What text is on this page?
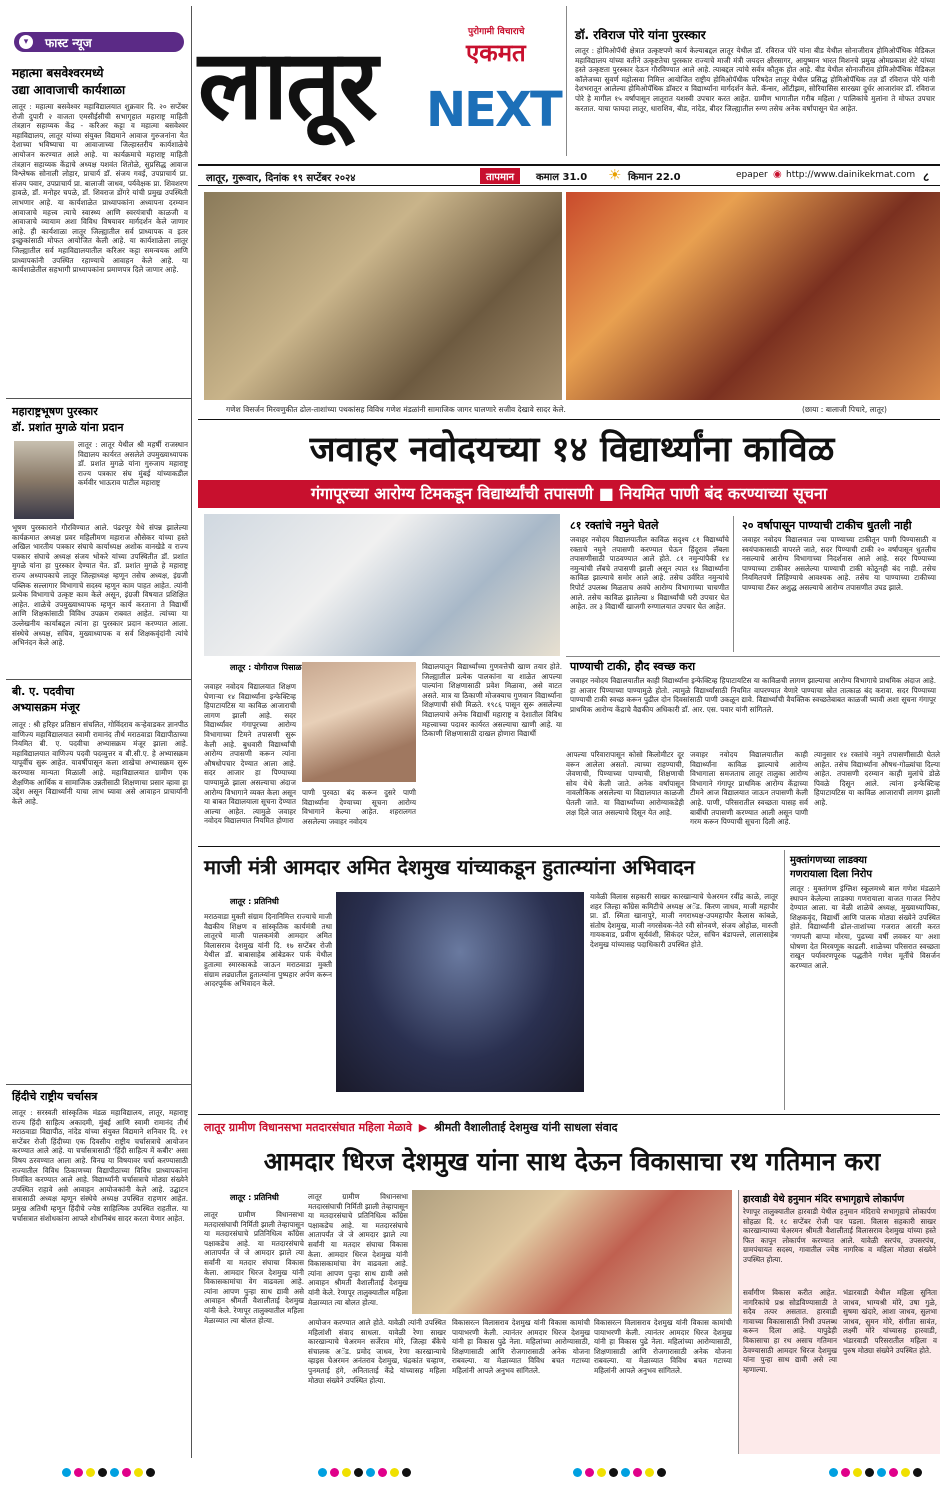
▾	फास्ट न्यूज
महात्मा बसवेश्वरमध्ये
उद्या आवाजाची कार्यशाळा
लातूर : महात्मा बसवेश्वर महाविद्यालयात शुक्रवार दि. २० सप्टेंबर रोजी दुपारी २ वाजता एमसीईसीची सभागृहात महाराष्ट्र माहिती तंत्रज्ञान सहाय्यक केंद्र - करिअर कट्टा व महात्मा बसवेश्वर महाविद्यालय, लातूर यांच्या संयुक्त विद्यमाने आवाज गुरुजनांना येत देशाच्या भविष्याचा या आवाजाच्या जिल्हास्तरीय कार्यशाळेचे आयोजन करण्यात आले आहे. या कार्यक्रमाचे महाराष्ट्र माहिती तंत्रज्ञान सहाय्यक केंद्राचे अध्यक्ष यशवंत शितोळे, सुप्रसिद्ध आवाज विश्लेषक सोनाली लोहार, प्राचार्य डॉ. संजय गवई, उपप्राचार्य प्रा. संजय पवार, उपप्राचार्य प्रा. बालाजी जाधव, पर्यवेक्षक प्रा. शिवशरण हावळे, डॉ. मनोहर चपळे, डॉ. शिवराज डोंगरे यांची प्रमुख उपस्थिती लाभणार आहे. या कार्यशाळेत प्राध्यापकांना अध्यापना दरम्यान आवाजाचे महत्त्व त्याचे स्वास्थ्य आणि स्वरयंत्राची काळजी व आवाजाचे व्यायाम अशा विविध विषयावर मार्गदर्शन केले जाणार आहे. ही कार्यशाळा लातूर जिल्ह्यातील सर्व प्राध्यापक व इतर इच्छुकांसाठी मोफत आयोजित केली आहे. या कार्यशाळेला लातूर जिल्ह्यातील सर्व महाविद्यालयातील करिअर कट्टा समन्वयक आणि प्राध्यापकांनी उपस्थित रहाण्याचे आवाहन केले आहे. या कार्यशाळेतील सहभागी प्राध्यापकांना प्रमाणपत्र दिले जाणार आहे.
महाराष्ट्रभूषण पुरस्कार
डॉ. प्रशांत मुगळे यांना प्रदान
लातूर : लातूर येथील श्री महर्षी राजस्थान विद्यालय कार्यरत असलेले उपमुख्याध्यापक डॉ. प्रशांत मुगळे यांना गुरुजाय महाराष्ट्र राज्य पत्रकार संघ मुंबई यांच्याकडील कर्मवीर भाऊराव पाटील महाराष्ट्र
भूषण पुरस्काराने गौरविण्यात आले. पंढरपूर येथे संपन्न झालेल्या कार्यक्रमात अध्यक्ष प्रवर महिलीमण महाराज औसेकर यांच्या हस्ते अखिल भारतीय पत्रकार संघाचे कार्याध्यक्ष अशोक वानखेडे व राज्य पत्रकार संघाचे अध्यक्ष संजय भोकरे यांच्या उपस्थितीत डॉ. प्रशांत मुगळे यांना हा पुरस्कार देण्यात येत. डॉ. प्रशांत मुगळे हे महाराष्ट्र राज्य अध्यापकाचे लातूर जिल्हाध्यक्ष म्हणून तसेच अध्यक्ष, इंग्रजी पब्लिक सल्लागार विभागाचे सदस्य म्हणून काम पाहत आहेत. त्यांनी प्रत्येक विभागाचे उत्कृष्ट काम केले असून, इंग्रजी विषयात प्रशिक्षित आहेत. शाळेचे उपमुख्याध्यापक म्हणून कार्य करताना ते विद्यार्थी आणि शिक्षकांसाठी विविध उपक्रम राबवत आहेत. त्यांच्या या उल्लेखनीय कार्याबद्दल त्यांना हा पुरस्कार प्रदान करण्यात आला. संस्थेचे अध्यक्ष, सचिव, मुख्याध्यापक व सर्व शिक्षकवृंदांनी त्यांचे अभिनंदन केले आहे.
बी. ए. पदवीचा
अभ्यासक्रम मंजूर
लातूर : श्री हरिहर प्रतिष्ठान संचलित, गोविंदराव कऱ्हेवाडकर ज्ञानपीठ वाणिज्य महाविद्यालयात स्वामी रामानंद तीर्थ मराठवाडा विद्यापीठाच्या नियमित बी. ए. पदवीचा अभ्यासक्रम मंजूर झाला आहे. महाविद्यालयात वाणिज्य पदवी पदव्युत्तर व बी.सी.ए. हे अभ्यासक्रम यापूर्वीच सुरू आहेत. यावर्षीपासून कला शाखेचा अभ्यासक्रम सुरू करण्यास मान्यता मिळाली आहे. महाविद्यालयात ग्रामीण एक शैक्षणिक आर्थिक व सामाजिक उन्नतीसाठी शिक्षणाचा प्रसार व्हावा हा उद्देश असून विद्यार्थ्यांनी याचा लाभ घ्यावा असे आवाहन प्राचार्यांनी केले आहे.
हिंदीचे राष्ट्रीय चर्चासत्र
लातूर : सरस्वती सांस्कृतिक मंडळ महाविद्यालय, लातूर, महाराष्ट्र राज्य हिंदी साहित्य अकादमी, मुंबई आणि स्वामी रामानंद तीर्थ मराठवाडा विद्यापीठ, नांदेड यांच्या संयुक्त विद्यमाने शनिवार दि. २१ सप्टेंबर रोजी हिंदीच्या एक दिवसीय राष्ट्रीय चर्चासत्राचे आयोजन करण्यात आले आहे. या चर्चासत्रासाठी 'हिंदी साहित्य में कबीर' असा विषय ठरवण्यात आला आहे. विनम्र या विषयावर चर्चा करण्यासाठी राज्यातील विविध ठिकाणच्या विद्यापीठाच्या विविध प्राध्यापकांना निमंत्रित करण्यात आले आहे. विद्यार्थ्यांनी चर्चासत्राचे मोठ्या संख्येने उपस्थित राहावे असे आवाहन आयोजकांनी केले आहे. उद्घाटन सत्रासाठी अध्यक्ष म्हणून संस्थेचे अध्यक्ष उपस्थित राहणार आहेत. प्रमुख अतिथी म्हणून हिंदीचे ज्येष्ठ साहित्यिक उपस्थित राहतील. या चर्चासत्रात संशोधकांना आपले शोधनिबंध सादर करता येणार आहेत.
पुरोगामी विचाराचे
एकमत
लातूर NEXT
डॉ. रविराज पोरे यांना पुरस्कार
लातूर : होमिओपॅथी क्षेत्रात उत्कृष्टपणे कार्य केल्याबद्दल लातूर येथील डॉ. रविराज पोरे यांना बीड येथील सोनाजीराव होमिओपॅथिक मेडिकल महाविद्यालय यांच्या वतीने उत्कृष्टतेचा पुरस्कार राज्याचे माजी मंत्री जयदत्त क्षीरसागर, आयुष्मान भारत मिशनचे प्रमुख ओमप्रकाश शेटे यांच्या हस्ते उत्कृष्टता पुरस्कार देऊन गौरविण्यात आले आहे. त्याबद्दल त्यांचे सर्वत्र कौतुक होत आहे. बीड येथील सोनाजीराव होमिओपॅथिक मेडिकल कॉलेजच्या सुवर्ण महोत्सवा निमित्त आयोजित राष्ट्रीय होमिओपॅथीक परिषदेत लातूर येथील प्रसिद्ध होमिओपॅथिक तज्ञ डॉ रविराज पोरे यांनी देशभरातून आलेल्या होमिओपॅथिक डॉक्टर व विद्यार्थ्यांना मार्गदर्शन केले. कॅन्सर, ऑटीझम, सोरियासिस सारख्या दुर्धर आजारांवर डॉ. रविराज पोरे हे मागील १५ वर्षांपासून लातूरात यशस्वी उपचार करत आहेत. ग्रामीण भागातील गरीब महिला / पालिकांचे मुलांना ते मोफत उपचार करतात. याचा फायदा लातूर, धाराशिव, बीड, नांदेड, बीदर जिल्ह्यातील रुग्ण तसेच अनेक वर्षांपासून घेत आहेत.
लातूर, गुरूवार, दिनांक १९ सप्टेंबर २०२४	तापमान	कमाल 31.0 ☀ किमान 22.0	epaper ◉ http://www.dainikekmat.com ८
गणेश विसर्जन मिरवणुकीत ढोल-ताशांच्या पथकांसह विविध गणेश मंडळांनी सामाजिक जागर घालणारे सजीव देखावे सादर केले.	(छाया : बालाजी पिचारे, लातूर)
जवाहर नवोदयच्या १४ विद्यार्थ्यांना काविळ
गंगापूरच्या आरोग्य टिमकडून विद्यार्थ्यांची तपासणी ■ नियमित पाणी बंद करण्याच्या सूचना
८१ रक्तांचे नमुने घेतले
जवाहर नवोदय विद्यालयातील काविळ सदृश्य ८१ विद्यार्थ्यांचे रक्ताचे नमुने तपासणी करण्यात घेऊन हिंदूराव लॅबला तपासणीसाठी पाठवण्यात आले होते. ८१ नमुन्यांपैकी १४ नमुन्यांची लॅबचे तपासणी झाली असून त्यात १४ विद्यार्थ्यांना काविळ झाल्याचे समोर आले आहे. तसेच उर्वरित नमुन्यांचे रिपोर्ट उपलब्ध मिळताच अवघे आरोग्य विभागाच्या चाचणीत आले. तसेच काविळ झालेल्या ४ विद्यार्थ्यांची घरी उपचार घेत आहेत. तर ३ विद्यार्थी खाजगी रुग्णालयात उपचार घेत आहेत.
२० वर्षापासून पाण्याची टाकीच धुतली नाही
जवाहर नवोदय विद्यालयात ज्या पाण्याच्या टाकीतून पाणी पिण्यासाठी व स्वयंपाकासाठी वापरले जाते, सदर पिण्याची टाकी २० वर्षांपासून धुतलीच नसल्याचे आरोग्य विभागाच्या निदर्शनास आले आहे. सदर पिण्याच्या पाण्याच्या टाकीवर असलेल्या पाण्याची टाकी कोठूनही बंद नाही. तसेच नियमितपणे लिहिण्याचे आवश्यक आहे. तसेच या पाण्याच्या टाकीच्या पाण्याचा टँकर अशुद्ध असल्याचे आरोग्य तपासणीत उघड झाले.
पाण्याची टाकी, हौद स्वच्छ करा
जवाहर नवोदय विद्यालयातील काही विद्यार्थ्यांना इन्फेक्टिव्ह हिपाटायटिस या काविळची लागण झाल्याचा आरोग्य विभागाचे प्राथमिक अंदाज आहे. हा आजार पिण्याच्या पाण्यामुळे होतो. त्यामुळे विद्यार्थ्यांसाठी नियमित वापरण्यात येणारे पाण्याचा स्रोत तात्काळ बंद करावा. सदर पिण्याच्या पाण्याची टाकी स्वच्छ करून पुढील दोन दिवसांसाठी पाणी उकळून द्यावे. विद्यार्थ्यांची वैयक्तिक स्वच्छतेबाबत काळजी घ्यावी अशा सूचना गंगापूर प्राथमिक आरोग्य केंद्राचे वैद्यकीय अधिकारी डॉ. आर. एस. पवार यांनी सांगितले.
लातूर : योगीराज पिसाळ
जवाहर नवोदय विद्यालयात शिक्षण घेणाऱ्या १४ विद्यार्थ्यांना इन्फेक्टिव्ह हिपाटायटिस या काविळ आजाराची लागण झाली आहे. सदर विद्यार्थ्यांवर गंगापूरच्या आरोग्य विभागाच्या टिमने तपासणी सुरू केली आहे. बुधवारी विद्यार्थ्यांची आरोग्य तपासणी करून त्यांना औषधोपचार देण्यात आला आहे. सदर आजार हा पिण्याच्या पाण्यामुळे झाला असल्याचा अंदाज आरोग्य विभागाने व्यक्त केला असून या बाबत विद्यालयाला सूचना देण्यात आल्या आहेत. त्यामुळे जवाहर नवोदय विद्यालयात नियमित होणारा
पाणी पुरवठा बंद करून दुसरे पाणी विद्यार्थ्यांना देण्याच्या सूचना आरोग्य विभागाने केल्या आहेत. शहरालगत असलेल्या जवाहर नवोदय
विद्यालयातून विद्यार्थ्यांच्या गुणवत्तेची खाण तयार होते. जिल्ह्यातील प्रत्येक पालकांना या शाळेत आपल्या पाल्यांना शिक्षणासाठी प्रवेश मिळावा, असे वाटत असते. मात्र या ठिकाणी मोजक्याच गुणवान विद्यार्थ्यांना शिक्षणाची संधी मिळते. १९८६ पासून सुरू असलेल्या विद्यालयाचे अनेक विद्यार्थी महाराष्ट्र व देशातील विविध महत्त्वाच्या पदावर कार्यरत असल्याचा खाणी आहे. या ठिकाणी शिक्षणासाठी दाखल होणारा विद्यार्थी
आपल्या परिवारापासून कोसो किलोमीटर दूर वरून आलेला असतो. त्याच्या राहण्याची, जेवणाची, पिण्याच्या पाण्याची, शिक्षणाची सोय येथे केली जाते. अनेक वर्षांपासून नावलौकिक असलेल्या या विद्यालयात काळजी घेतली जाते. या विद्यार्थ्यांच्या आरोग्याकडेही लक्ष दिले जात असल्याचे दिसून येत आहे.
जवाहर नवोदय विद्यालयातील काही विद्यार्थ्यांना काविळ झाल्याचे आरोग्य विभागाला समजताच लातूर तालुका आरोग्य विभागाने गंगापूर प्राथमिक आरोग्य केंद्राच्या टीमने आज विद्यालयात जाऊन तपासणी केली आहे. पाणी, परिसरातील स्वच्छता यासह सर्व बाबींची तपासणी करण्यात आली असून पाणी गरम करून पिण्याची सूचना दिली आहे.
त्यानुसार १४ रक्तांचे नमुने तपासणीसाठी घेतले आहेत. तसेच विद्यार्थ्यांना औषध-गोळ्यांचा दिल्या आहेत. तपासणी दरम्यान काही मुलांचे डोळे पिवळे दिसून आले. त्यांना इन्फेक्टिव्ह हिपाटायटिस या काविळ आजाराची लागण झाली आहे.
माजी मंत्री आमदार अमित देशमुख यांच्याकडून हुतात्म्यांना अभिवादन
लातूर : प्रतिनिधी
मराठवाडा मुक्ती संग्राम दिनानिमित्त राज्याचे माजी वैद्यकीय शिक्षण व सांस्कृतिक कार्यमंत्री तथा लातूरचे माजी पालकमंत्री आमदार अमित विलासराव देशमुख यांनी दि. १७ सप्टेंबर रोजी येथील डॉ. बाबासाहेब आंबेडकर पार्क येथील हुतात्मा स्मारकाकडे जाऊन मराठवाडा मुक्ती संग्राम लढ्यातील हुतात्म्यांना पुष्पहार अर्पण करून आदरपूर्वक अभिवादन केले.
यावेळी विलास सहकारी साखर कारखान्याचे चेअरमन रवींद्र काळे, लातूर शहर जिल्हा काँग्रेस कमिटीचे अध्यक्ष अॅड. किरण जाधव, माजी महापौर प्रा. डॉ. स्मिता खानापुरे, माजी नगराध्यक्ष-उपमहापौर कैलास कांबळे, संतोष देशमुख, माजी नगरसेवक-नेते रवी सोनवणे, संजय ओहोळ, मारुती गायकवाड, प्रवीण सूर्यवंशी, सिकंदर पटेल, सचिन बंडापल्ले, लालासाहेब देशमुख यांच्यासह पदाधिकारी उपस्थित होते.
मुक्तांगणच्या लाडक्या
गणरायाला दिला निरोप
लातूर : मुक्तांगण इंग्लिश स्कूलमध्ये बाल गणेश मंडळाने स्थापन केलेल्या लाडक्या गणरायाला वाजत गाजत निरोप देण्यात आला. या वेळी शाळेचे अध्यक्ष, मुख्याध्यापिका, शिक्षकवृंद, विद्यार्थी आणि पालक मोठ्या संख्येने उपस्थित होते. विद्यार्थ्यांनी ढोल-ताशांच्या गजरात आरती करत 'गणपती बाप्पा मोरया, पुढच्या वर्षी लवकर या' अशा घोषणा देत मिरवणूक काढली. शाळेच्या परिसरात स्वच्छता राखून पर्यावरणपूरक पद्धतीने गणेश मूर्तीचे विसर्जन करण्यात आले.
लातूर ग्रामीण विधानसभा मतदारसंघात महिला मेळावे ▶ श्रीमती वैशालीताई देशमुख यांनी साधला संवाद
आमदार धिरज देशमुख यांना साथ देऊन विकासाचा रथ गतिमान करा
लातूर : प्रतिनिधी
लातूर ग्रामीण विधानसभा मतदारसंघाची निर्मिती झाली तेव्हापासून या मतदारसंघाचे प्रतिनिधित्व काँग्रेस पक्षाकडेच आहे. या मतदारसंघाचे आतापर्यंत जे जे आमदार झाले त्या सर्वांनी या मतदार संघाचा विकास केला. आमदार धिरज देशमुख यांनी विकासकामांचा वेग वाढवला आहे. त्यांना आपण पुन्हा साथ द्यावी असे आवाहन श्रीमती वैशालीताई देशमुख यांनी केले. रेणापूर तालुक्यातील महिला मेळाव्यात त्या बोलत होत्या.
लातूर ग्रामीण विधानसभा मतदारसंघाची निर्मिती झाली तेव्हापासून या मतदारसंघाचे प्रतिनिधित्व काँग्रेस पक्षाकडेच आहे. या मतदारसंघाचे आतापर्यंत जे जे आमदार झाले त्या सर्वांनी या मतदार संघाचा विकास केला. आमदार धिरज देशमुख यांनी विकासकामांचा वेग वाढवला आहे. त्यांना आपण पुन्हा साथ द्यावी असे आवाहन श्रीमती वैशालीताई देशमुख यांनी केले. रेणापूर तालुक्यातील महिला मेळाव्यात त्या बोलत होत्या.
आयोजन करण्यात आले होते. यावेळी त्यांनी उपस्थित महिलांशी संवाद साधला. यावेळी रेणा साखर कारखान्याचे चेअरमन सर्जेराव मोरे, जिल्हा बँकेचे संचालक अॅड. प्रमोद जाधव, रेणा कारखान्याचे व्हाइस चेअरमन अनंतराव देशमुख, चंद्रकांत चव्हाण, पुनमताई हंगे, अनिताताई केंद्रे यांच्यासह महिला मोठ्या संख्येने उपस्थित होत्या.
विकासरत्न विलासराव देशमुख यांनी विकास कामांची पायाभरणी केली. त्यानंतर आमदार धिरज देशमुख यांनी हा विकास पुढे नेला. महिलांच्या आरोग्यासाठी, शिक्षणासाठी आणि रोजगारासाठी अनेक योजना राबवल्या. या मेळाव्यात विविध बचत गटाच्या महिलांनी आपले अनुभव सांगितले.
विकासरत्न विलासराव देशमुख यांनी विकास कामांची पायाभरणी केली. त्यानंतर आमदार धिरज देशमुख यांनी हा विकास पुढे नेला. महिलांच्या आरोग्यासाठी, शिक्षणासाठी आणि रोजगारासाठी अनेक योजना राबवल्या. या मेळाव्यात विविध बचत गटाच्या महिलांनी आपले अनुभव सांगितले.
हारवाडी येथे हनुमान मंदिर सभागृहाचे लोकार्पण
रेणापूर तालुक्यातील हारवाडी येथील हनुमान मंदिराचे सभागृहाचे लोकार्पण सोहळा दि. १८ सप्टेंबर रोजी पार पडला. विलास सहकारी साखर कारखान्याच्या चेअरमन श्रीमती वैशालीताई विलासराव देशमुख यांच्या हस्ते फित कापून लोकार्पण करण्यात आले. यावेळी सरपंच, उपसरपंच, ग्रामपंचायत सदस्य, गावातील ज्येष्ठ नागरिक व महिला मोठ्या संख्येने उपस्थित होत्या.
सर्वांगीण विकास करीत आहेत. नागरिकांचे प्रश्न सोडविण्यासाठी ते सदैव तत्पर असतात. हारवाडी गावाच्या विकासासाठी निधी उपलब्ध करून दिला आहे. यापुढेही विकासाचा हा रथ असाच गतिमान ठेवण्यासाठी आमदार धिरज देशमुख यांना पुन्हा साथ द्यावी असे त्या म्हणाल्या.
भंडारवाडी येथील महिला सुनिता जाधव, भाग्यश्री मोरे, उषा गुळे, सुषमा खंदारे, आशा जाधव, सुलभा जाधव, सुमन मोरे, संगीता सावंत, लक्ष्मी मोरे यांच्यासह हारवाडी, भंडारवाडी परिसरातील महिला व पुरुष मोठ्या संख्येने उपस्थित होते.
